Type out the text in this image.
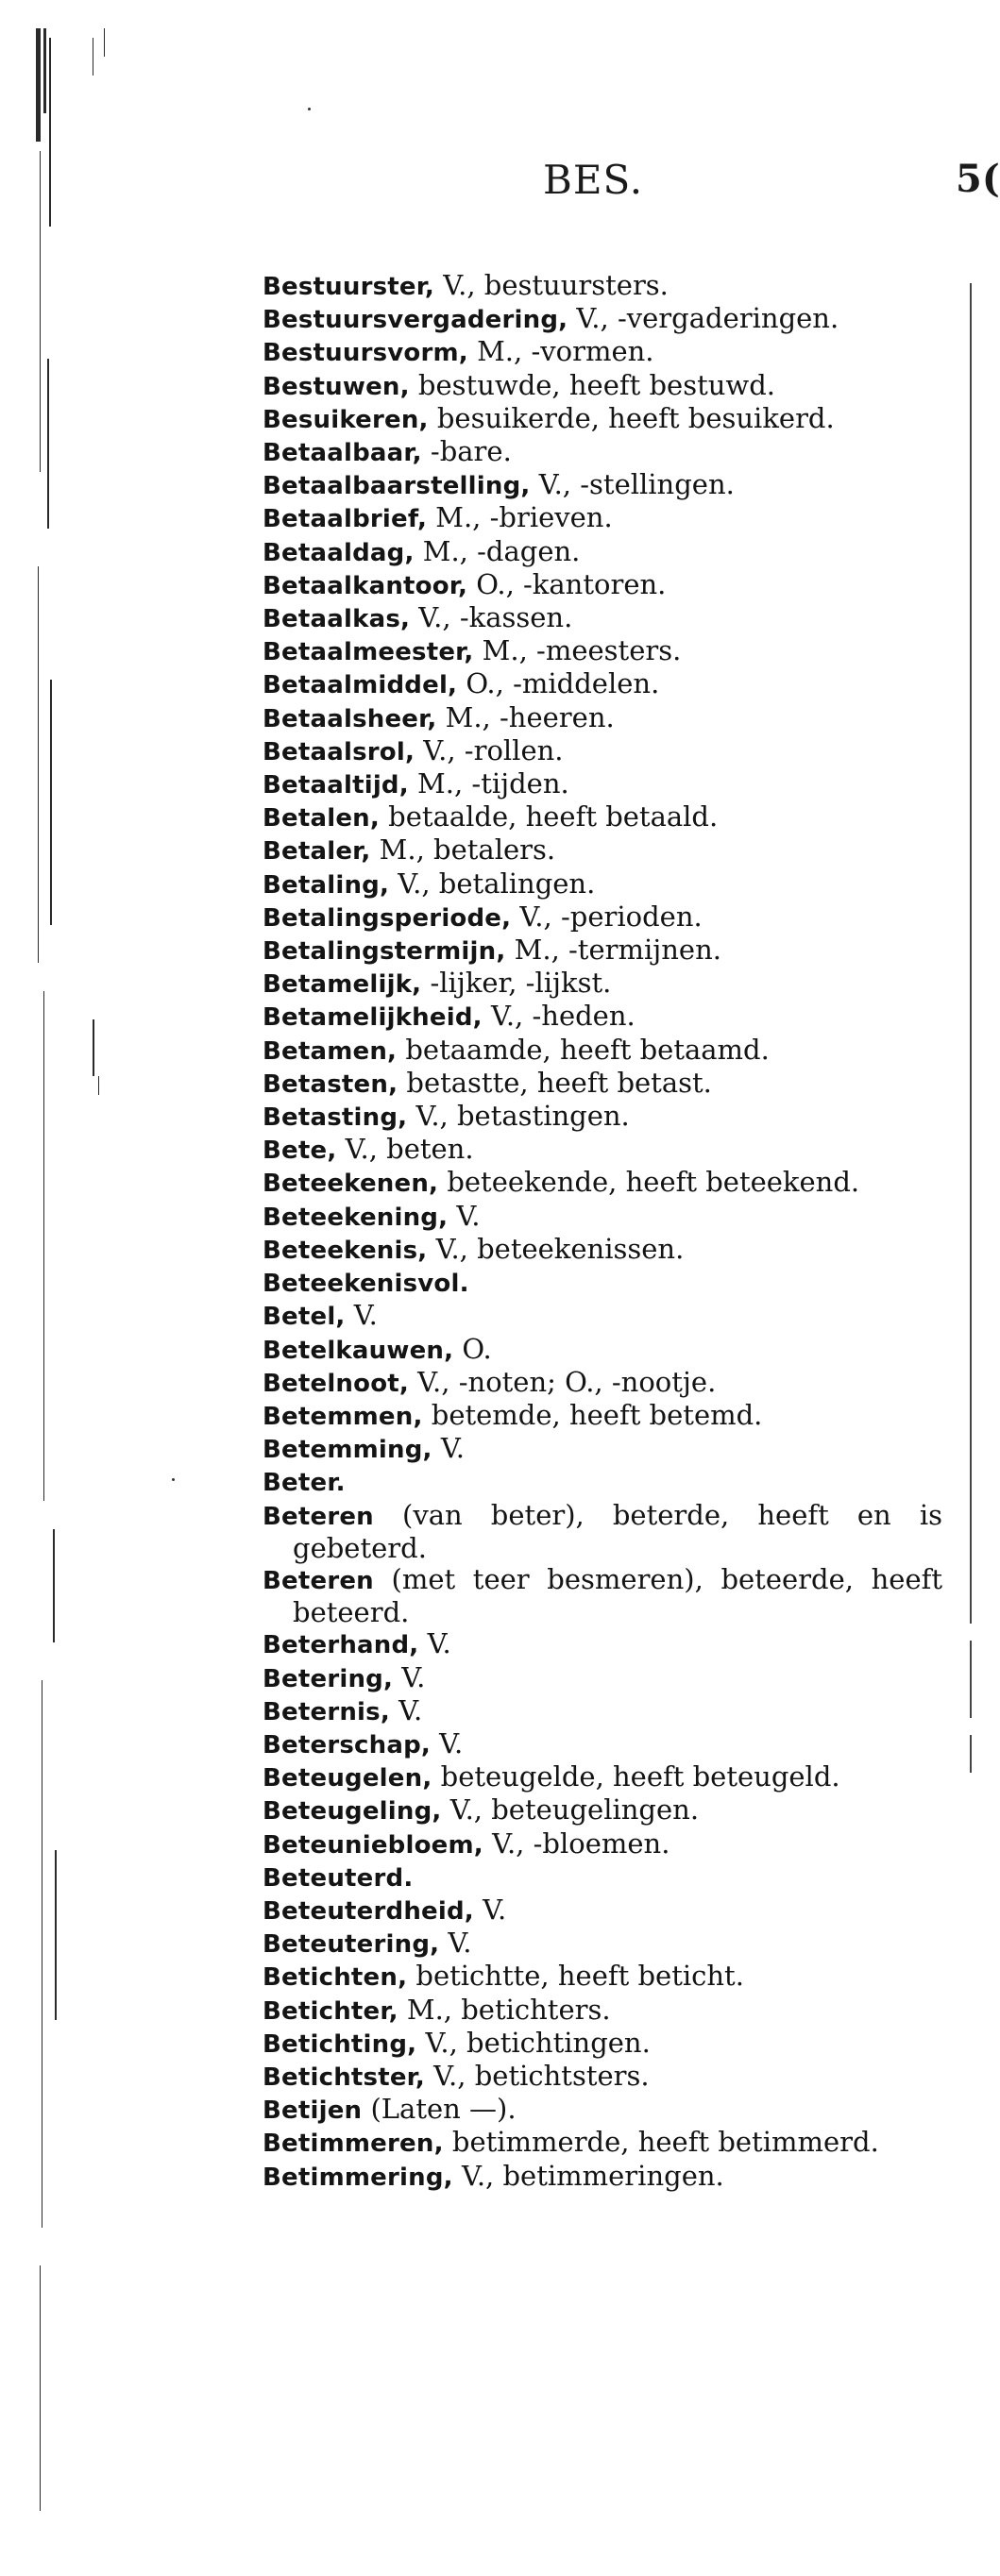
BES.	5(
Bestuurster, V., bestuursters.
Bestuursvergadering, V., -vergaderingen.
Bestuursvorm, M., -vormen.
Bestuwen, bestuwde, heeft bestuwd.
Besuikeren, besuikerde, heeft besuikerd.
Betaalbaar, -bare.
Betaalbaarstelling, V., -stellingen.
Betaalbrief, M., -brieven.
Betaaldag, M., -dagen.
Betaalkantoor, O., -kantoren.
Betaalkas, V., -kassen.
Betaalmeester, M., -meesters.
Betaalmiddel, O., -middelen.
Betaalsheer, M., -heeren.
Betaalsrol, V., -rollen.
Betaaltijd, M., -tijden.
Betalen, betaalde, heeft betaald.
Betaler, M., betalers.
Betaling, V., betalingen.
Betalingsperiode, V., -perioden.
Betalingstermijn, M., -termijnen.
Betamelijk, -lijker, -lijkst.
Betamelijkheid, V., -heden.
Betamen, betaamde, heeft betaamd.
Betasten, betastte, heeft betast.
Betasting, V., betastingen.
Bete, V., beten.
Beteekenen, beteekende, heeft beteekend.
Beteekening, V.
Beteekenis, V., beteekenissen.
Beteekenisvol.
Betel, V.
Betelkauwen, O.
Betelnoot, V., -noten; O., -nootje.
Betemmen, betemde, heeft betemd.
Betemming, V.
Beter.
Beteren (van beter), beterde, heeft en is gebeterd.
Beteren (met teer besmeren), beteerde, heeft beteerd.
Beterhand, V.
Betering, V.
Beternis, V.
Beterschap, V.
Beteugelen, beteugelde, heeft beteugeld.
Beteugeling, V., beteugelingen.
Beteuniebloem, V., -bloemen.
Beteuterd.
Beteuterdheid, V.
Beteutering, V.
Betichten, betichtte, heeft beticht.
Betichter, M., betichters.
Betichting, V., betichtingen.
Betichtster, V., betichtsters.
Betijen (Laten —).
Betimmeren, betimmerde, heeft betimmerd.
Betimmering, V., betimmeringen.
